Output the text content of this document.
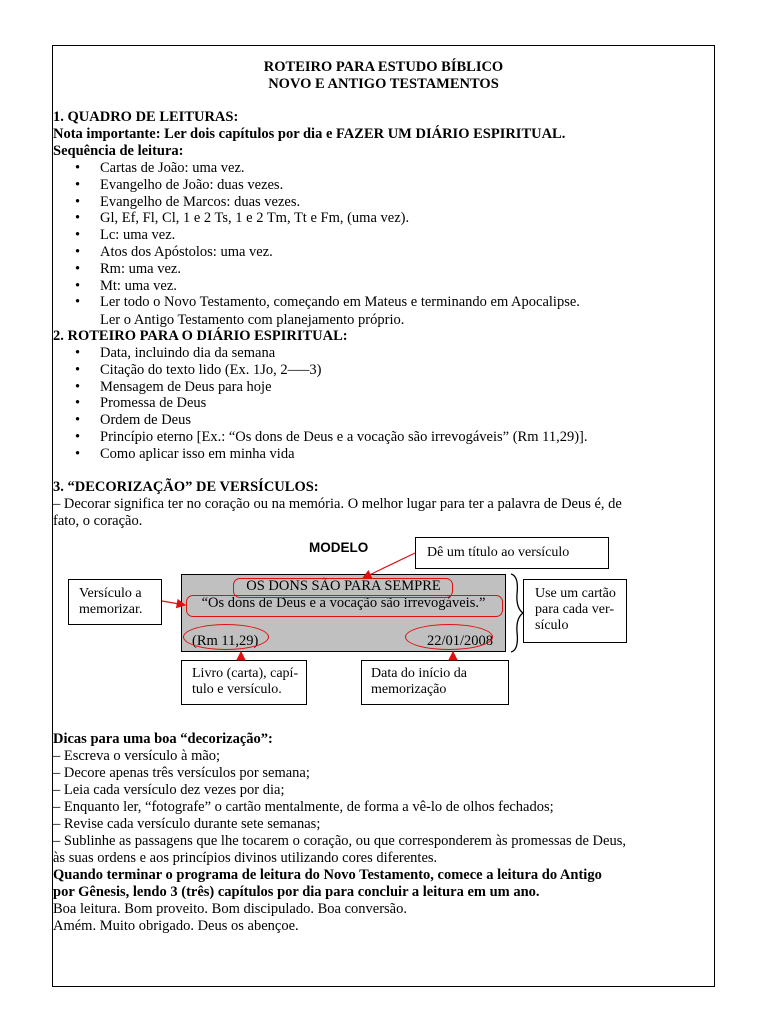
ROTEIRO PARA ESTUDO BÍBLICO
NOVO E ANTIGO TESTAMENTOS
1. QUADRO DE LEITURAS:
Nota importante: Ler dois capítulos por dia e FAZER UM DIÁRIO ESPIRITUAL.
Sequência de leitura:
• Cartas de João: uma vez.
• Evangelho de João: duas vezes.
• Evangelho de Marcos: duas vezes.
• Gl, Ef, Fl, Cl, 1 e 2 Ts, 1 e 2 Tm, Tt e Fm, (uma vez).
• Lc: uma vez.
• Atos dos Apóstolos: uma vez.
• Rm: uma vez.
• Mt: uma vez.
• Ler todo o Novo Testamento, começando em Mateus e terminando em Apocalipse.
Ler o Antigo Testamento com planejamento próprio.
2. ROTEIRO PARA O DIÁRIO ESPIRITUAL:
• Data, incluindo dia da semana
• Citação do texto lido (Ex. 1Jo, 2—–3)
• Mensagem de Deus para hoje
• Promessa de Deus
• Ordem de Deus
• Princípio eterno [Ex.: “Os dons de Deus e a vocação são irrevogáveis” (Rm 11,29)].
• Como aplicar isso em minha vida
3. “DECORIZAÇÃO” DE VERSÍCULOS:
– Decorar significa ter no coração ou na memória. O melhor lugar para ter a palavra de Deus é, de
fato, o coração.
MODELO	Dê um título ao versículo
Versículo a
memorizar.
OS DONS SÃO PARA SEMPRE
“Os dons de Deus e a vocação são irrevogáveis.”
(Rm 11,29)	22/01/2008
Use um cartão
para cada ver-
sículo
Livro (carta), capí-
tulo e versículo.
Data do início da
memorização
Dicas para uma boa “decorização”:
– Escreva o versículo à mão;
– Decore apenas três versículos por semana;
– Leia cada versículo dez vezes por dia;
– Enquanto ler, “fotografe” o cartão mentalmente, de forma a vê-lo de olhos fechados;
– Revise cada versículo durante sete semanas;
– Sublinhe as passagens que lhe tocarem o coração, ou que corresponderem às promessas de Deus,
às suas ordens e aos princípios divinos utilizando cores diferentes.
Quando terminar o programa de leitura do Novo Testamento, comece a leitura do Antigo
por Gênesis, lendo 3 (três) capítulos por dia para concluir a leitura em um ano.
Boa leitura. Bom proveito. Bom discipulado. Boa conversão.
Amém. Muito obrigado. Deus os abençoe.
